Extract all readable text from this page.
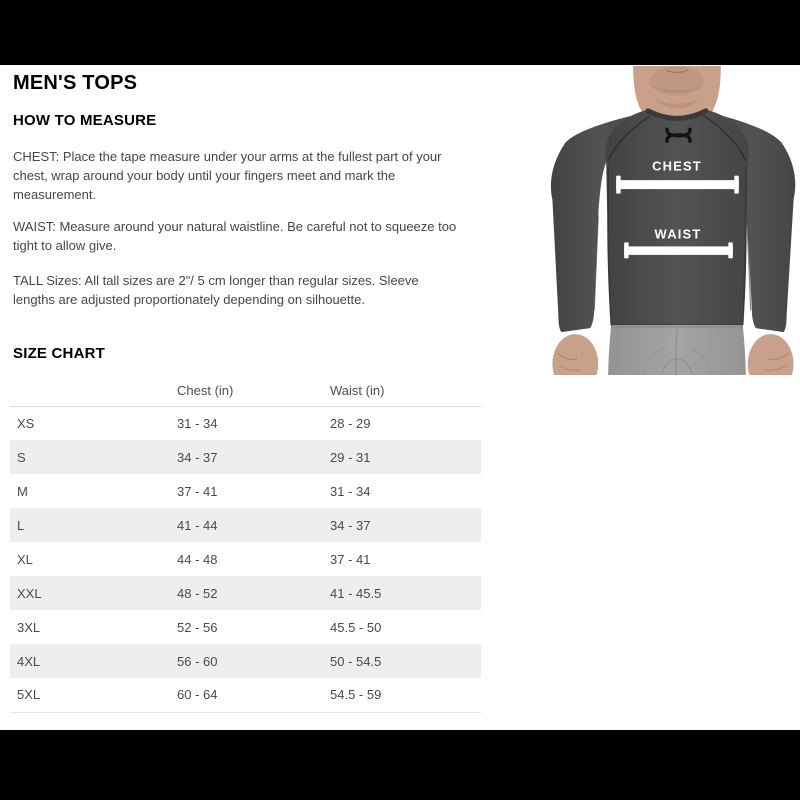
MEN'S TOPS
HOW TO MEASURE

CHEST: Place the tape measure under your arms at the fullest part of your
chest, wrap around your body until your fingers meet and mark the
measurement.

WAIST: Measure around your natural waistline. Be careful not to squeeze too
tight to allow give.

TALL Sizes: All tall sizes are 2"/ 5 cm longer than regular sizes. Sleeve
lengths are adjusted proportionately depending on silhouette.

SIZE CHART
	Chest (in)	Waist (in)
XS	31 - 34	28 - 29
S	34 - 37	29 - 31
M	37 - 41	31 - 34
L	41 - 44	34 - 37
XL	44 - 48	37 - 41
XXL	48 - 52	41 - 45.5
3XL	52 - 56	45.5 - 50
4XL	56 - 60	50 - 54.5
5XL	60 - 64	54.5 - 59
CHEST
WAIST
